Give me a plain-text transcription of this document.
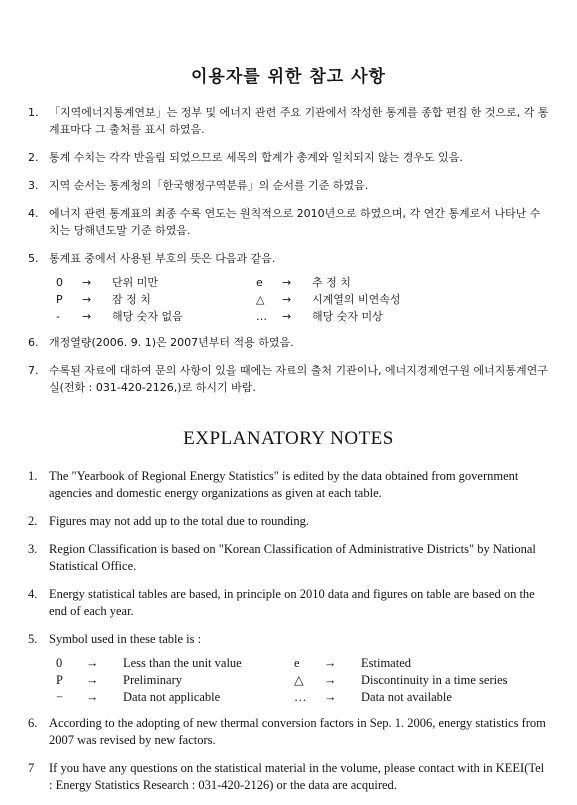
이용자를 위한 참고 사항
1. 「지역에너지통계연보」는 정부 및 에너지 관련 주요 기관에서 작성한 통계를 종합 편집 한 것으로, 각 통계표마다 그 출처를 표시 하였음.
2. 통계 수치는 각각 반올림 되었으므로 세목의 합계가 총계와 일치되지 않는 경우도 있음.
3. 지역 순서는 통계청의「한국행정구역분류」의 순서를 기준 하였음.
4. 에너지 관련 통계표의 최종 수록 연도는 원칙적으로 2010년으로 하였으며, 각 연간 통계로서 나타난 수치는 당해년도말 기준 하였음.
5. 통계표 중에서 사용된 부호의 뜻은 다음과 같음.
0	→	단위 미만	e	→	추 정 치
P	→	잠 정 치	△	→	시계열의 비연속성
-	→	해당 숫자 없음	…	→	해당 숫자 미상
6. 개정열량(2006. 9. 1)은 2007년부터 적용 하였음.
7. 수록된 자료에 대하여 문의 사항이 있을 때에는 자료의 출처 기관이나, 에너지경제연구원 에너지통계연구실(전화 : 031-420-2126,)로 하시기 바람.
EXPLANATORY NOTES
1. The "Yearbook of Regional Energy Statistics" is edited by the data obtained from government agencies and domestic energy organizations as given at each table.
2. Figures may not add up to the total due to rounding.
3. Region Classification is based on "Korean Classification of Administrative Districts" by National Statistical Office.
4. Energy statistical tables are based, in principle on 2010 data and figures on table are based on the end of each year.
5. Symbol used in these table is :
0	→	Less than the unit value	e	→	Estimated
P	→	Preliminary	△	→	Discontinuity in a time series
−	→	Data not applicable	…	→	Data not available
6. According to the adopting of new thermal conversion factors in Sep. 1. 2006, energy statistics from 2007 was revised by new factors.
7 If you have any questions on the statistical material in the volume, please contact with in KEEI(Tel : Energy Statistics Research : 031-420-2126) or the data are acquired.
